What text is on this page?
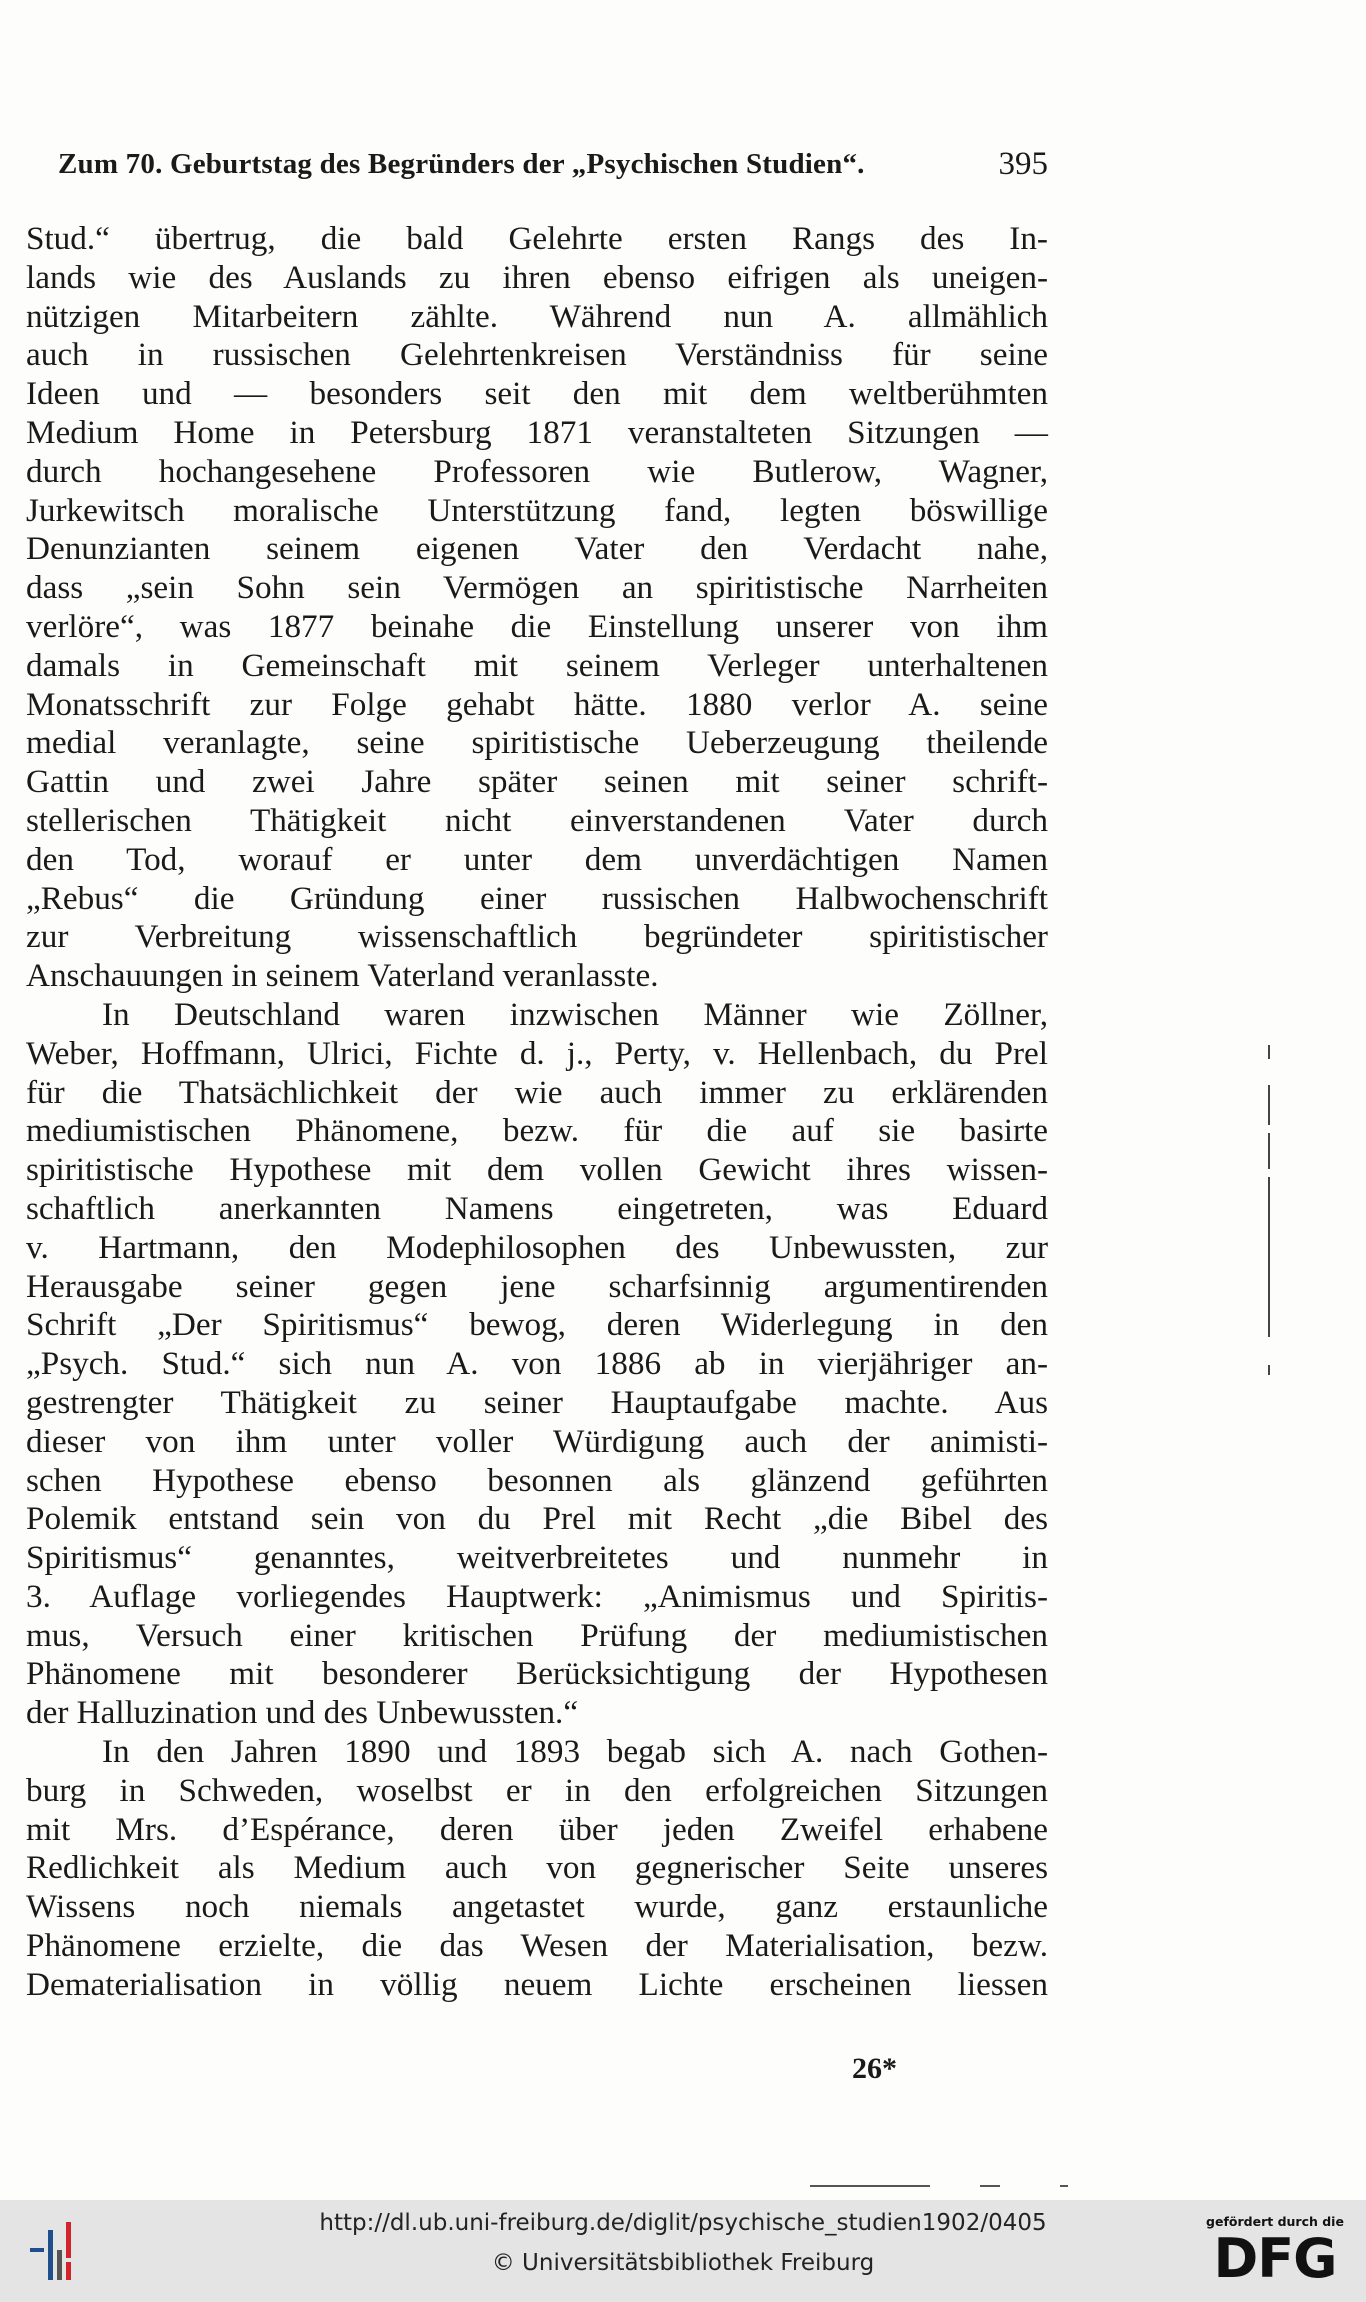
Zum 70. Geburtstag des Begründers der „Psychischen Studien“.	395
Stud.“ übertrug, die bald Gelehrte ersten Rangs des In-
lands wie des Auslands zu ihren ebenso eifrigen als uneigen-
nützigen Mitarbeitern zählte. Während nun A. allmählich
auch in russischen Gelehrtenkreisen Verständniss für seine
Ideen und — besonders seit den mit dem weltberühmten
Medium Home in Petersburg 1871 veranstalteten Sitzungen —
durch hochangesehene Professoren wie Butlerow, Wagner,
Jurkewitsch moralische Unterstützung fand, legten böswillige
Denunzianten seinem eigenen Vater den Verdacht nahe,
dass „sein Sohn sein Vermögen an spiritistische Narrheiten
verlöre“, was 1877 beinahe die Einstellung unserer von ihm
damals in Gemeinschaft mit seinem Verleger unterhaltenen
Monatsschrift zur Folge gehabt hätte. 1880 verlor A. seine
medial veranlagte, seine spiritistische Ueberzeugung theilende
Gattin und zwei Jahre später seinen mit seiner schrift-
stellerischen Thätigkeit nicht einverstandenen Vater durch
den Tod, worauf er unter dem unverdächtigen Namen
„Rebus“ die Gründung einer russischen Halbwochenschrift
zur Verbreitung wissenschaftlich begründeter spiritistischer
Anschauungen in seinem Vaterland veranlasste.
In Deutschland waren inzwischen Männer wie Zöllner,
Weber, Hoffmann, Ulrici, Fichte d. j., Perty, v. Hellenbach, du Prel
für die Thatsächlichkeit der wie auch immer zu erklärenden
mediumistischen Phänomene, bezw. für die auf sie basirte
spiritistische Hypothese mit dem vollen Gewicht ihres wissen-
schaftlich anerkannten Namens eingetreten, was Eduard
v. Hartmann, den Modephilosophen des Unbewussten, zur
Herausgabe seiner gegen jene scharfsinnig argumentirenden
Schrift „Der Spiritismus“ bewog, deren Widerlegung in den
„Psych. Stud.“ sich nun A. von 1886 ab in vierjähriger an-
gestrengter Thätigkeit zu seiner Hauptaufgabe machte. Aus
dieser von ihm unter voller Würdigung auch der animisti-
schen Hypothese ebenso besonnen als glänzend geführten
Polemik entstand sein von du Prel mit Recht „die Bibel des
Spiritismus“ genanntes, weitverbreitetes und nunmehr in
3. Auflage vorliegendes Hauptwerk: „Animismus und Spiritis-
mus, Versuch einer kritischen Prüfung der mediumistischen
Phänomene mit besonderer Berücksichtigung der Hypothesen
der Halluzination und des Unbewussten.“
In den Jahren 1890 und 1893 begab sich A. nach Gothen-
burg in Schweden, woselbst er in den erfolgreichen Sitzungen
mit Mrs. d’Espérance, deren über jeden Zweifel erhabene
Redlichkeit als Medium auch von gegnerischer Seite unseres
Wissens noch niemals angetastet wurde, ganz erstaunliche
Phänomene erzielte, die das Wesen der Materialisation, bezw.
Dematerialisation in völlig neuem Lichte erscheinen liessen
26*
http://dl.ub.uni-freiburg.de/diglit/psychische_studien1902/0405
© Universitätsbibliothek Freiburg
gefördert durch die
DFG
